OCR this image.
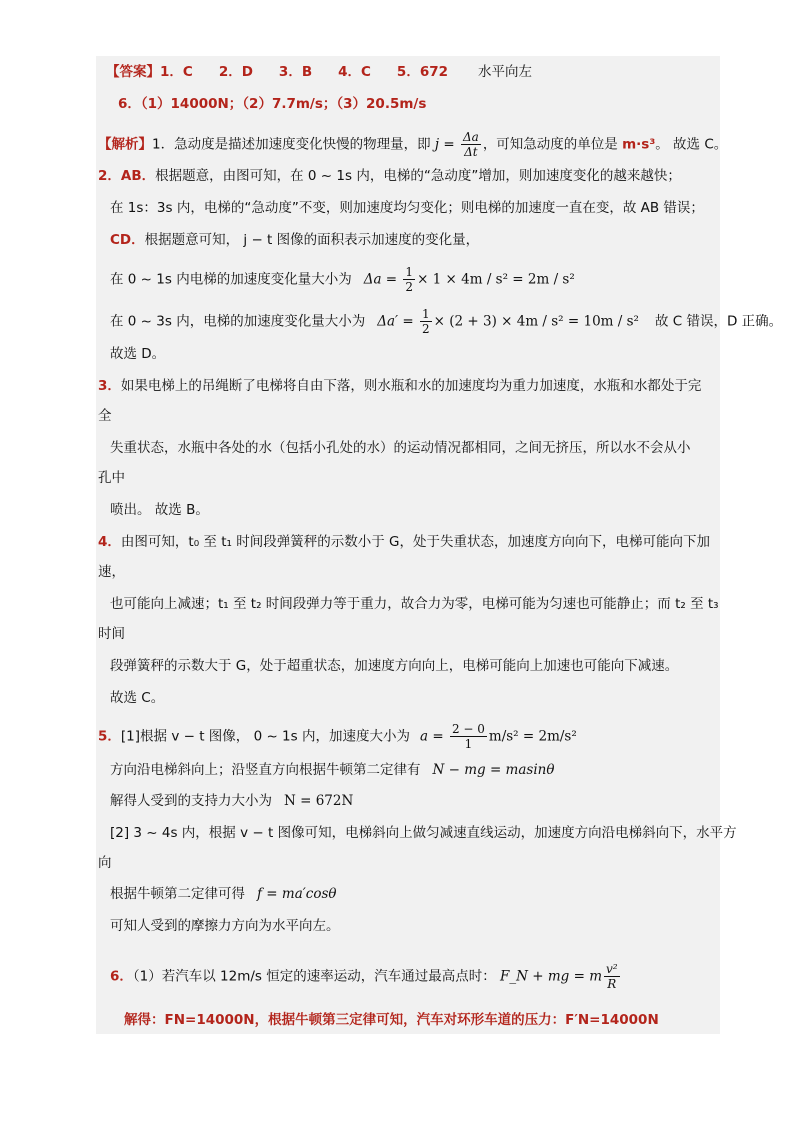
【答案】1．C 2．D 3．B 4．C 5．672 水平向左
6．（1）14000N；（2）7.7m/s；（3）20.5m/s
【解析】1．急动度是描述加速度变化快慢的物理量，即 $j = \frac{\Delta a}{\Delta t}$ ，可知急动度的单位是 m·s³。 故选 C。
2．AB．根据题意，由图可知，在 0 ~ 1s 内，电梯的“急动度”增加，则加速度变化的越来越快；
在 1s：3s 内，电梯的“急动度”不变，则加速度均匀变化；则电梯的加速度一直在变，故 AB 错误；
CD．根据题意可知， j − t 图像的面积表示加速度的变化量，
在 0 ~ 1s 内电梯的加速度变化量大小为 $\Delta a = \frac{1}{2} \times 1 \times 4m / s^2 = 2m / s^2$
在 0 ~ 3s 内，电梯的加速度变化量大小为 $\Delta a' = \frac{1}{2} \times (2 + 3) \times 4m / s^2 = 10m / s^2$ 故 C 错误，D 正确。
故选 D。
3．如果电梯上的吊绳断了电梯将自由下落，则水瓶和水的加速度均为重力加速度，水瓶和水都处于完
全
失重状态，水瓶中各处的水（包括小孔处的水）的运动情况都相同，之间无挤压，所以水不会从小
孔中
喷出。 故选 B。
4．由图可知，t₀ 至 t₁ 时间段弹簧秤的示数小于 G，处于失重状态，加速度方向向下，电梯可能向下加
速，
也可能向上减速；t₁ 至 t₂ 时间段弹力等于重力，故合力为零，电梯可能为匀速也可能静止；而 t₂ 至 t₃
时间
段弹簧秤的示数大于 G，处于超重状态，加速度方向向上，电梯可能向上加速也可能向下减速。
故选 C。
5．[1]根据 v − t 图像， 0 ~ 1s 内，加速度大小为 $a = \frac{2 - 0}{1} m/s^2 = 2m/s^2$
方向沿电梯斜向上；沿竖直方向根据牛顿第二定律有 N − mg = masinθ
解得人受到的支持力大小为 N = 672N
[2] 3 ~ 4s 内，根据 v − t 图像可知，电梯斜向上做匀减速直线运动，加速度方向沿电梯斜向下，水平方
向
根据牛顿第二定律可得 f = ma′cosθ
可知人受到的摩擦力方向为水平向左。
6．（1）若汽车以 12m/s 恒定的速率运动，汽车通过最高点时： F_N + mg = m $\frac{\text{v²}}{R}$
解得：FN=14000N，根据牛顿第三定律可知，汽车对环形车道的压力：F′N=14000N
